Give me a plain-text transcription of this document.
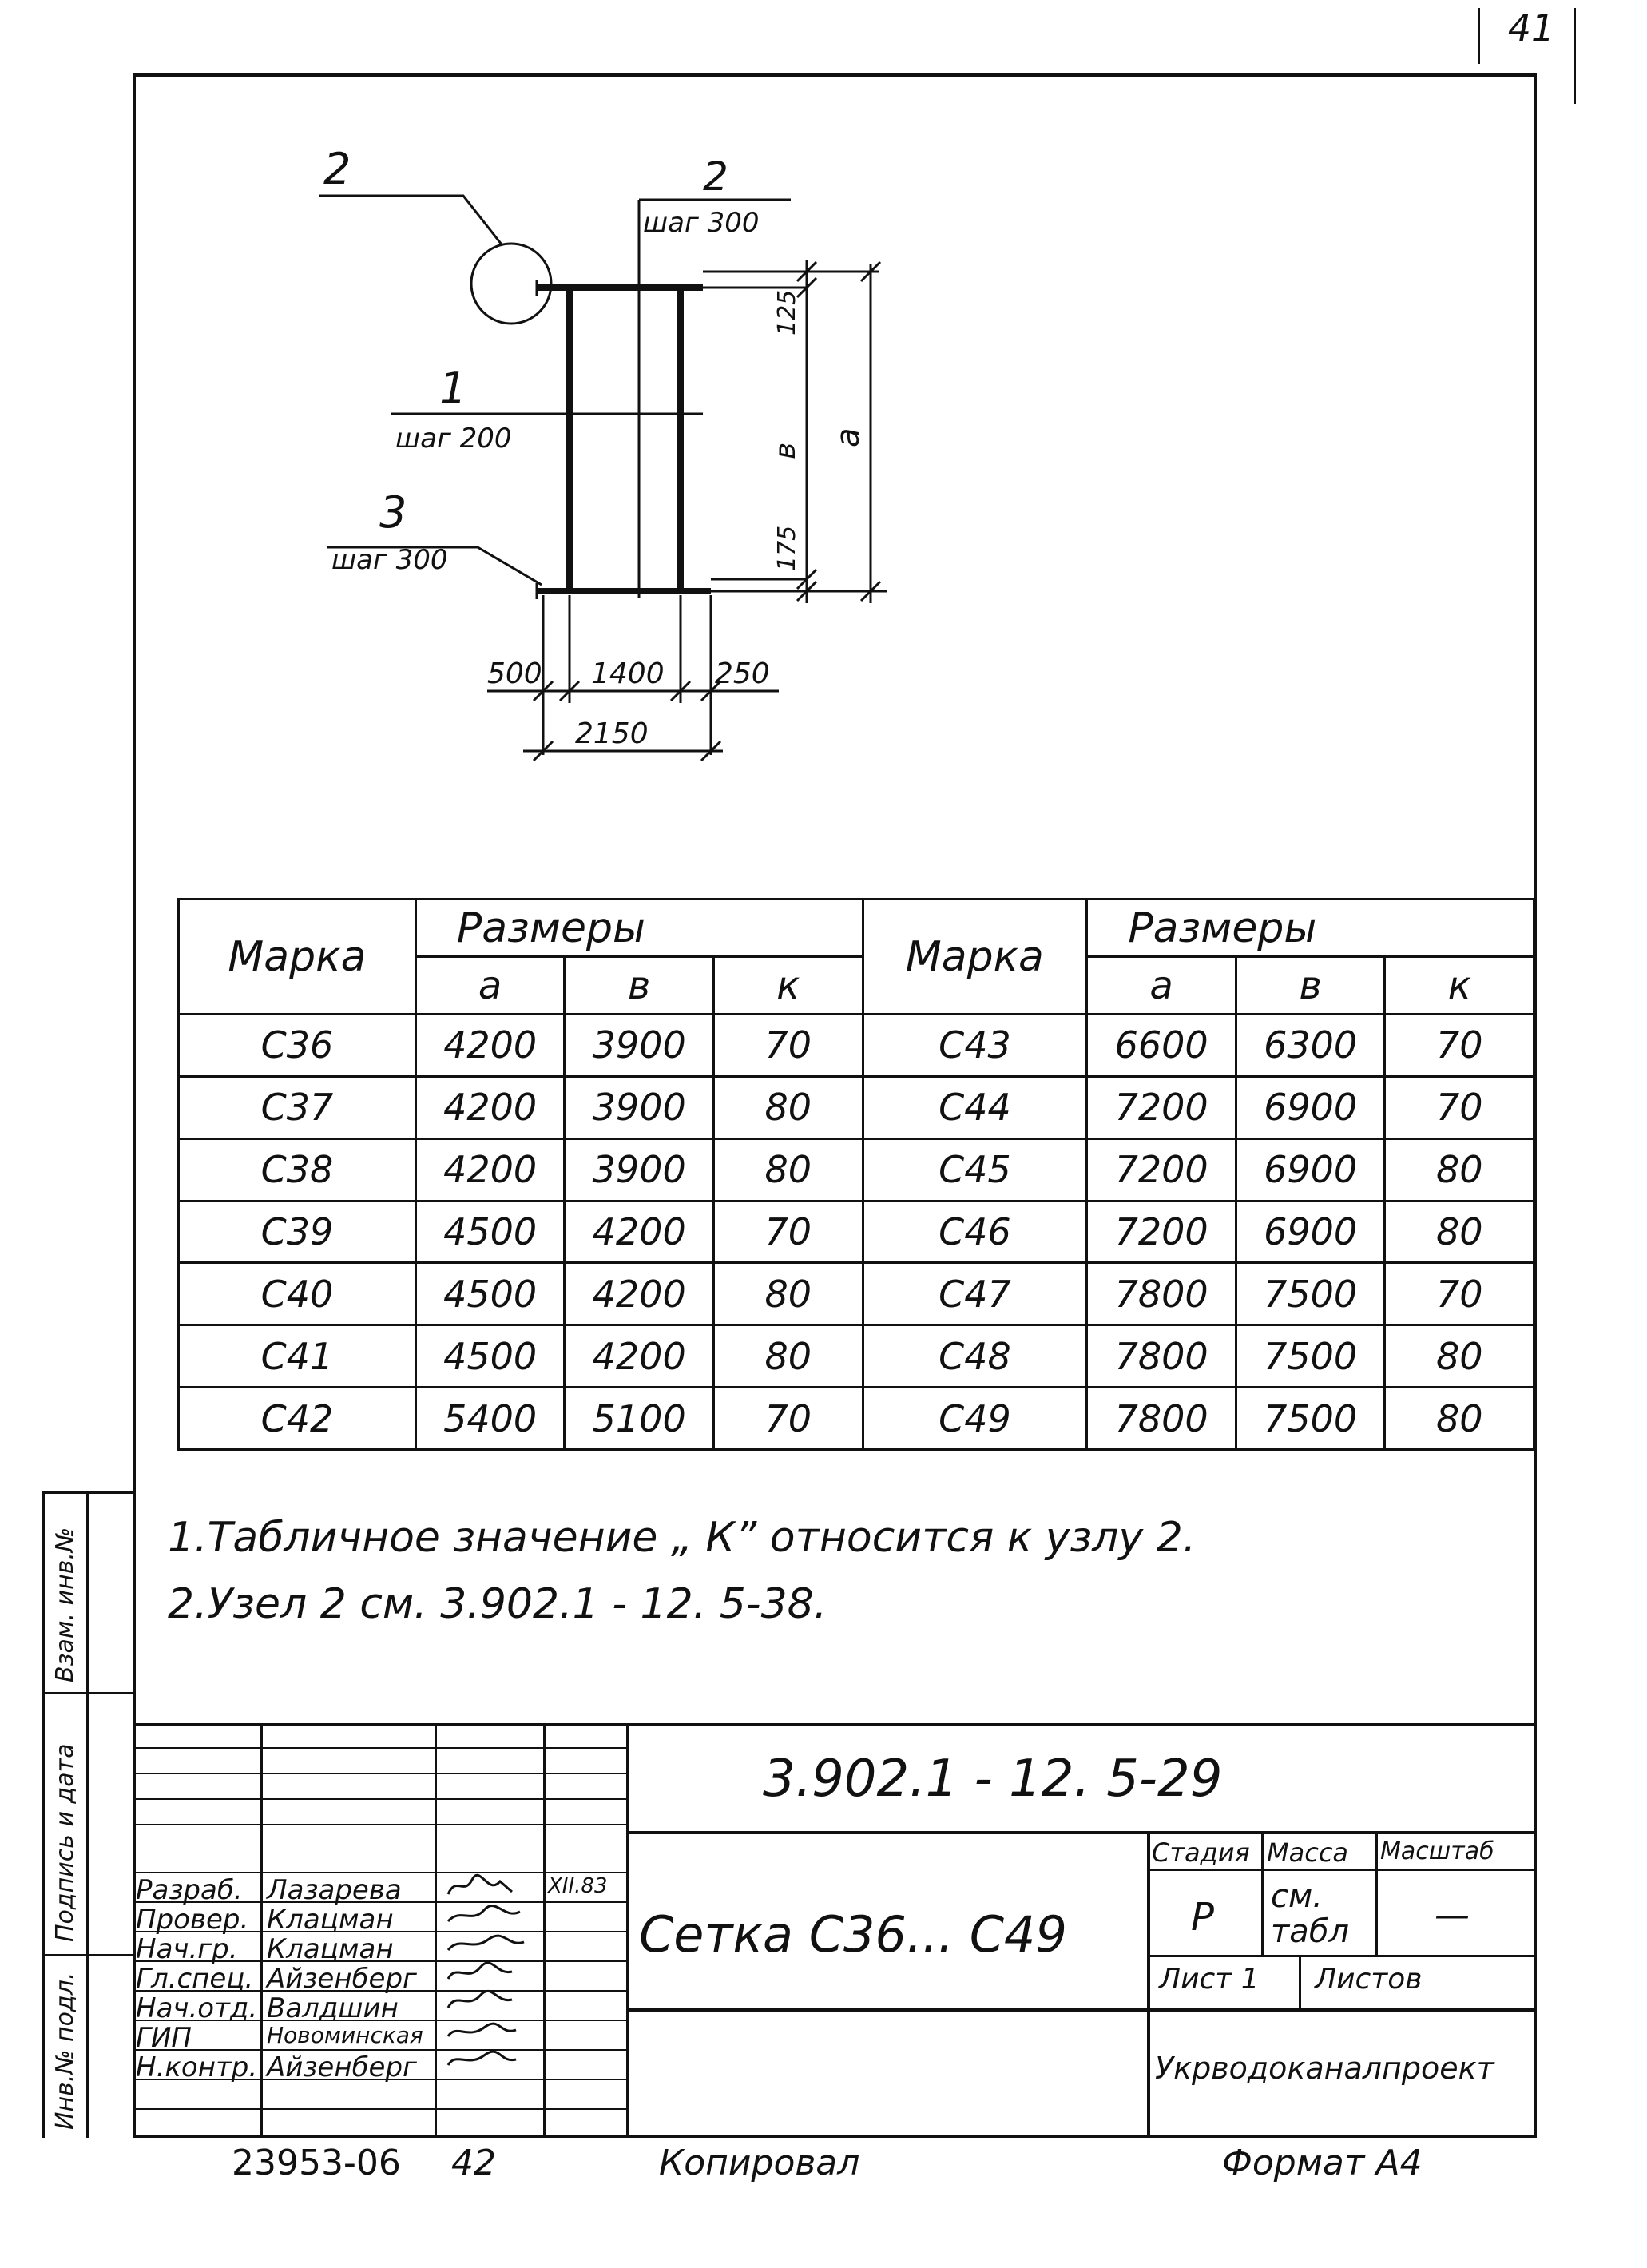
41
2	2
шаг 300
1
шаг 200
3
шаг 300
125
в
а
175
500 1400 250
2150
Марка	Размеры			Марка	Размеры		
	а	в	к		а	в	к
С36	4200	3900	70	С43	6600	6300	70
С37	4200	3900	80	С44	7200	6900	70
С38	4200	3900	80	С45	7200	6900	80
С39	4500	4200	70	С46	7200	6900	80
С40	4500	4200	80	С47	7800	7500	70
С41	4500	4200	80	С48	7800	7500	80
С42	5400	5100	70	С49	7800	7500	80
1.Табличное значение „ К” относится к узлу 2.
2.Узел 2 см. 3.902.1 - 12. 5-38.
Разраб. Лазарева	XII.83
Провер. Клацман
Нач.гр. Клацман
Гл.спец. Айзенберг
Нач.отд. Валдшин
ГИП	Новоминская
Н.контр. Айзенберг
Стадия Масса Масштаб
Р см. табл	—
Лист 1 Листов
Укрводоканалпроект
3.902.1 - 12. 5-29
Сетка С36... С49
Взам. инв.№
Подпись и дата
Инв.№ подл.
23953-06 42	Копировал	Формат А4
